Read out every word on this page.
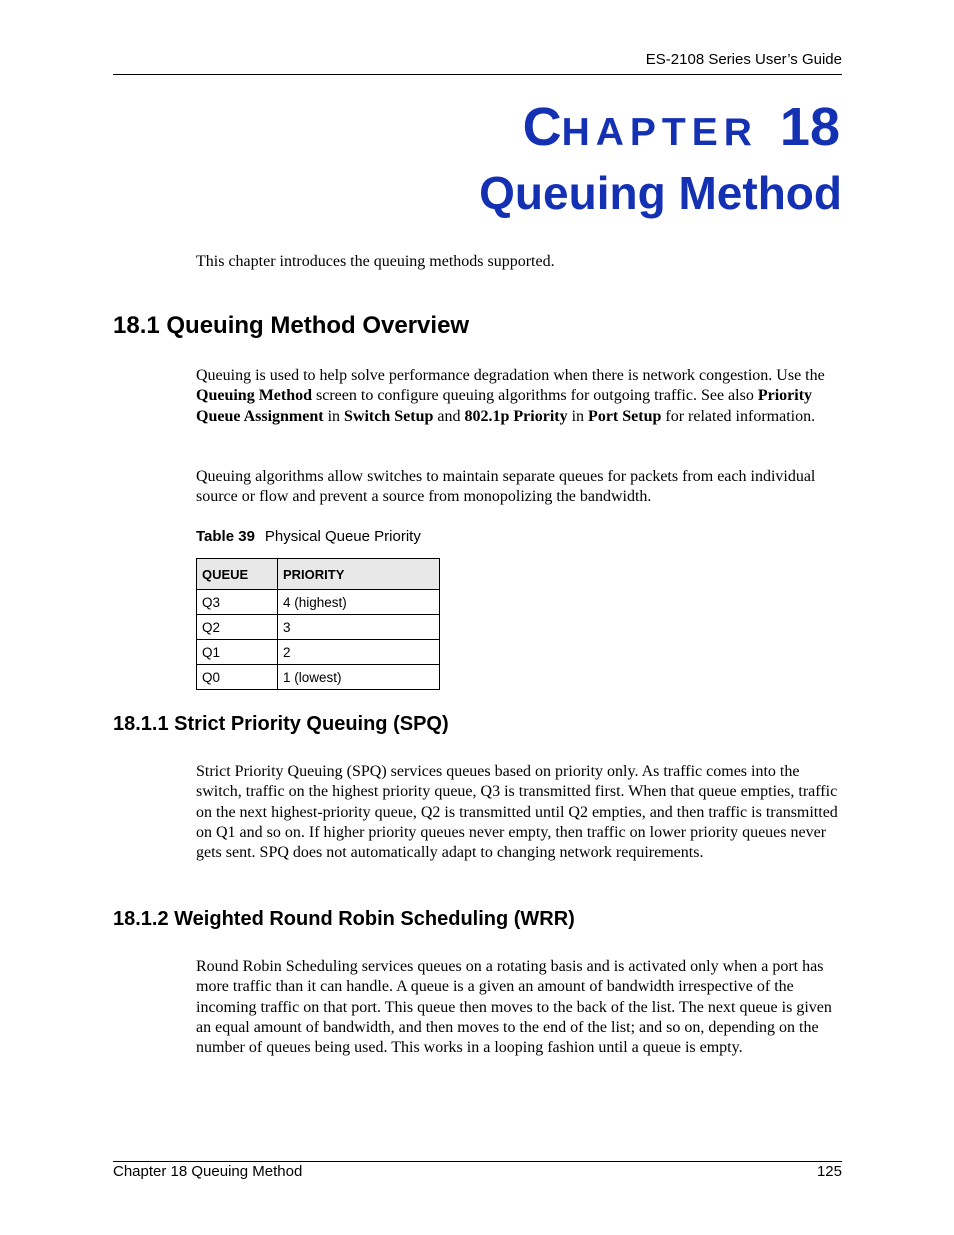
ES-2108 Series User’s Guide
CHAPTER 18
Queuing Method
This chapter introduces the queuing methods supported.
18.1 Queuing Method Overview
Queuing is used to help solve performance degradation when there is network congestion. Use the Queuing Method screen to configure queuing algorithms for outgoing traffic. See also Priority Queue Assignment in Switch Setup and 802.1p Priority in Port Setup for related information.
Queuing algorithms allow switches to maintain separate queues for packets from each individual source or flow and prevent a source from monopolizing the bandwidth.
Table 39 Physical Queue Priority
QUEUE	PRIORITY
Q3	4 (highest)
Q2	3
Q1	2
Q0	1 (lowest)
18.1.1 Strict Priority Queuing (SPQ)
Strict Priority Queuing (SPQ) services queues based on priority only. As traffic comes into the switch, traffic on the highest priority queue, Q3 is transmitted first. When that queue empties, traffic on the next highest-priority queue, Q2 is transmitted until Q2 empties, and then traffic is transmitted on Q1 and so on. If higher priority queues never empty, then traffic on lower priority queues never gets sent. SPQ does not automatically adapt to changing network requirements.
18.1.2 Weighted Round Robin Scheduling (WRR)
Round Robin Scheduling services queues on a rotating basis and is activated only when a port has more traffic than it can handle. A queue is a given an amount of bandwidth irrespective of the incoming traffic on that port. This queue then moves to the back of the list. The next queue is given an equal amount of bandwidth, and then moves to the end of the list; and so on, depending on the number of queues being used. This works in a looping fashion until a queue is empty.
Chapter 18 Queuing Method	125
